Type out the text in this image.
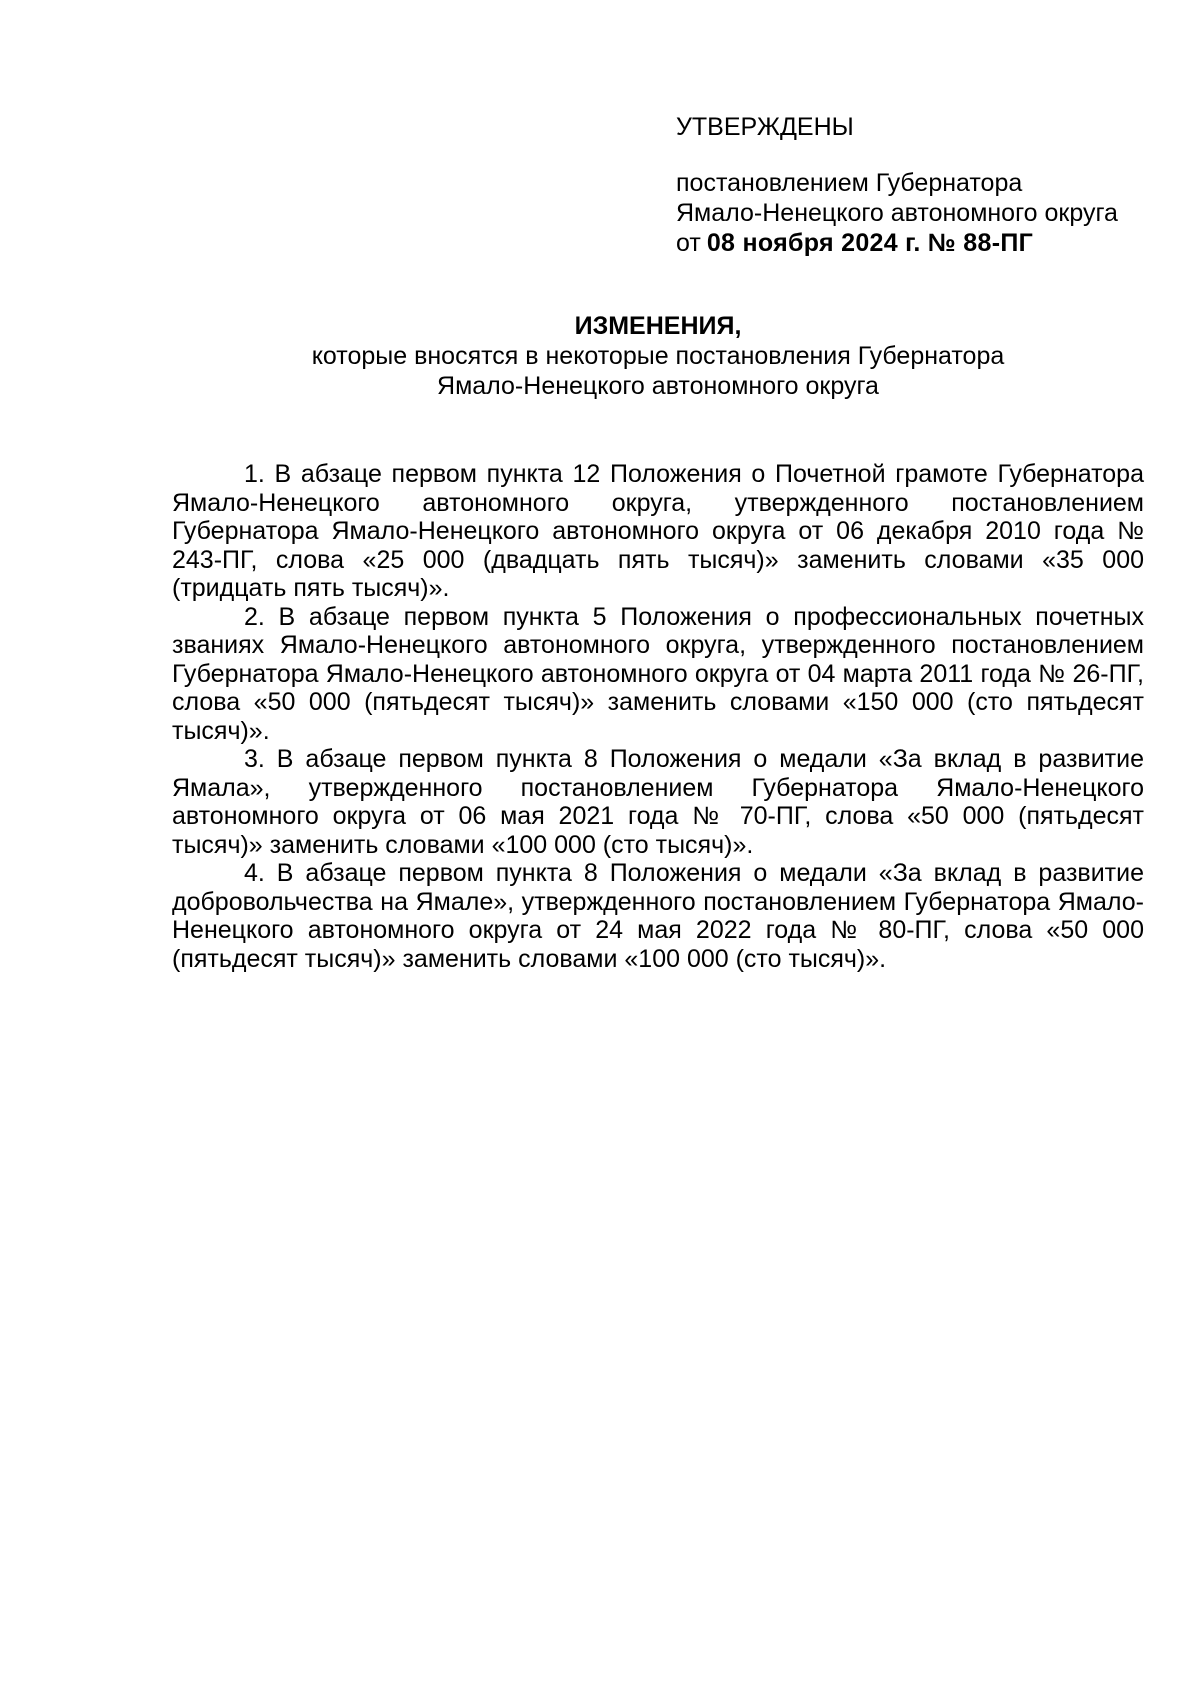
УТВЕРЖДЕНЫ
постановлением Губернатора
Ямало-Ненецкого автономного округа
от 08 ноября 2024 г. № 88-ПГ
ИЗМЕНЕНИЯ,
которые вносятся в некоторые постановления Губернатора
Ямало-Ненецкого автономного округа

1. В абзаце первом пункта 12 Положения о Почетной грамоте Губернатора Ямало-Ненецкого автономного округа, утвержденного постановлением Губернатора Ямало-Ненецкого автономного округа от 06 декабря 2010 года № 243-ПГ, слова «25 000 (двадцать пять тысяч)» заменить словами «35 000 (тридцать пять тысяч)».

2. В абзаце первом пункта 5 Положения о профессиональных почетных званиях Ямало-Ненецкого автономного округа, утвержденного постановлением Губернатора Ямало-Ненецкого автономного округа от 04 марта 2011 года № 26-ПГ, слова «50 000 (пятьдесят тысяч)» заменить словами «150 000 (сто пятьдесят тысяч)».

3. В абзаце первом пункта 8 Положения о медали «За вклад в развитие Ямала», утвержденного постановлением Губернатора Ямало-Ненецкого автономного округа от 06 мая 2021 года № 70-ПГ, слова «50 000 (пятьдесят тысяч)» заменить словами «100 000 (сто тысяч)».

4. В абзаце первом пункта 8 Положения о медали «За вклад в развитие добровольчества на Ямале», утвержденного постановлением Губернатора Ямало-Ненецкого автономного округа от 24 мая 2022 года № 80-ПГ, слова «50 000 (пятьдесят тысяч)» заменить словами «100 000 (сто тысяч)».
